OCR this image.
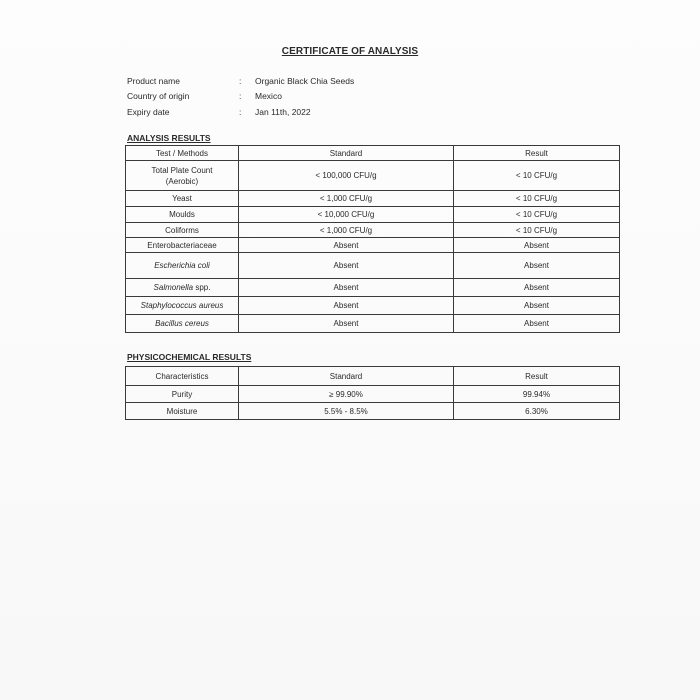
CERTIFICATE OF ANALYSIS
Product name	:	Organic Black Chia Seeds
Country of origin	:	Mexico
Expiry date	:	Jan 11th, 2022
ANALYSIS RESULTS
Test / Methods	Standard	Result

Total Plate Count
(Aerobic)	< 100,000 CFU/g	< 10 CFU/g
Yeast	< 1,000 CFU/g	< 10 CFU/g
Moulds	< 10,000 CFU/g	< 10 CFU/g
Coliforms	< 1,000 CFU/g	< 10 CFU/g
Enterobacteriaceae	Absent	Absent
Escherichia coli	Absent	Absent
Salmonella spp.	Absent	Absent
Staphylococcus aureus	Absent	Absent
Bacillus cereus	Absent	Absent
PHYSICOCHEMICAL RESULTS
Characteristics	Standard	Result
Purity	≥ 99.90%	99.94%
Moisture	5.5% - 8.5%	6.30%
